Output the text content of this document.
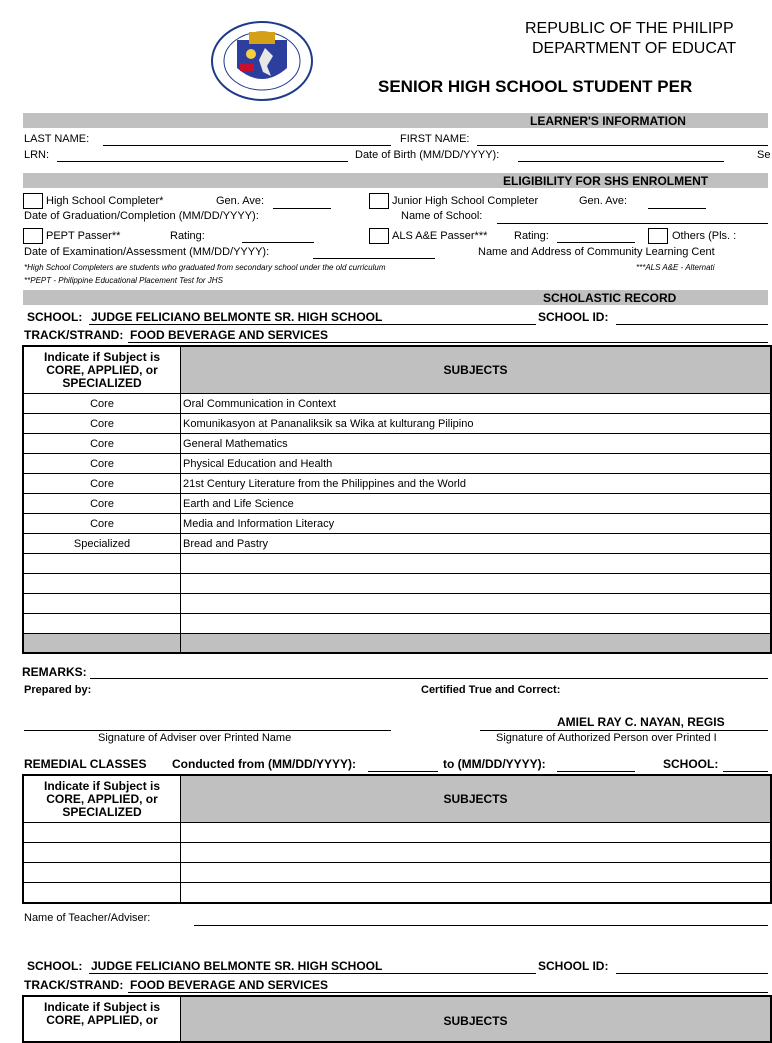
REPUBLIC OF THE PHILIPP
DEPARTMENT OF EDUCAT
SENIOR HIGH SCHOOL STUDENT PER
LEARNER'S INFORMATION
LAST NAME:	FIRST NAME:
LRN:	Date of Birth (MM/DD/YYYY):	Se
ELIGIBILITY FOR SHS ENROLMENT
High School Completer*	Gen. Ave:	Junior High School Completer	Gen. Ave:
Date of Graduation/Completion (MM/DD/YYYY):	Name of School:
PEPT Passer**	Rating:	ALS A&E Passer*** Rating:	Others (Pls. :
Date of Examination/Assessment (MM/DD/YYYY):	Name and Address of Community Learning Cent
*High School Completers are students who graduated from secondary school under the old curriculum	***ALS A&E - Alternati
**PEPT - Philippine Educational Placement Test for JHS
SCHOLASTIC RECORD
SCHOOL: JUDGE FELICIANO BELMONTE SR. HIGH SCHOOL	SCHOOL ID:
TRACK/STRAND: FOOD BEVERAGE AND SERVICES
Indicate if Subject is CORE, APPLIED, or SPECIALIZED	SUBJECTS
Core	Oral Communication in Context
Core	Komunikasyon at Pananaliksik sa Wika at kulturang Pilipino
Core	General Mathematics
Core	Physical Education and Health
Core	21st Century Literature from the Philippines and the World
Core	Earth and Life Science
Core	Media and Information Literacy
Specialized	Bread and Pastry

REMARKS:
Prepared by:	Certified True and Correct:
AMIEL RAY C. NAYAN, REGIS
Signature of Adviser over Printed Name	Signature of Authorized Person over Printed I
REMEDIAL CLASSES Conducted from (MM/DD/YYYY):	to (MM/DD/YYYY):	SCHOOL:
Indicate if Subject is CORE, APPLIED, or SPECIALIZED	SUBJECTS

Name of Teacher/Adviser:
SCHOOL: JUDGE FELICIANO BELMONTE SR. HIGH SCHOOL	SCHOOL ID:
TRACK/STRAND: FOOD BEVERAGE AND SERVICES
Indicate if Subject is CORE, APPLIED, or	SUBJECTS
